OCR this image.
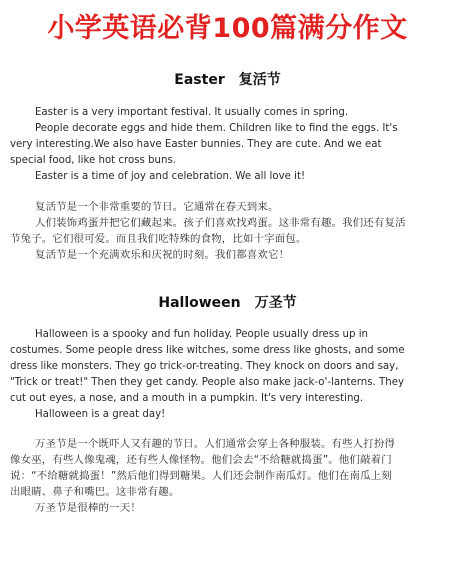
小学英语必背100篇满分作文
Easter 复活节
Easter is a very important festival. It usually comes in spring.
People decorate eggs and hide them. Children like to find the eggs. It's
very interesting.We also have Easter bunnies. They are cute. And we eat
special food, like hot cross buns.
Easter is a time of joy and celebration. We all love it!
复活节是一个非常重要的节日。它通常在春天到来。
人们装饰鸡蛋并把它们藏起来。孩子们喜欢找鸡蛋。这非常有趣。我们还有复活
节兔子。它们很可爱。而且我们吃特殊的食物，比如十字面包。
复活节是一个充满欢乐和庆祝的时刻。我们都喜欢它！
Halloween 万圣节
Halloween is a spooky and fun holiday. People usually dress up in
costumes. Some people dress like witches, some dress like ghosts, and some
dress like monsters. They go trick-or-treating. They knock on doors and say,
"Trick or treat!" Then they get candy. People also make jack-o'-lanterns. They
cut out eyes, a nose, and a mouth in a pumpkin. It's very interesting.
Halloween is a great day!
万圣节是一个既吓人又有趣的节日。人们通常会穿上各种服装。有些人打扮得
像女巫，有些人像鬼魂，还有些人像怪物。他们会去“不给糖就捣蛋”。他们敲着门
说：“不给糖就捣蛋！”然后他们得到糖果。人们还会制作南瓜灯。他们在南瓜上刻
出眼睛、鼻子和嘴巴。这非常有趣。
万圣节是很棒的一天！
